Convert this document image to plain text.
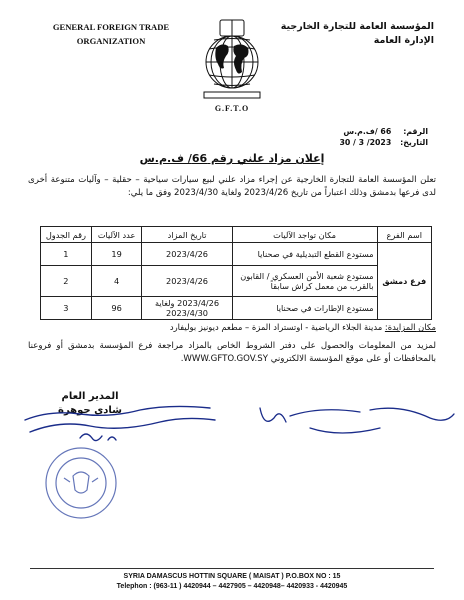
GENERAL FOREIGN TRADE
ORGANIZATION
المؤسسة العامة للتجارة الخارجية
الإدارة العامة
G.F.T.O
الرقم: 66 /ف.م.س
التاريخ: 2023/ 3 / 30
إعلان مزاد علني رقم 66/ ف.م.س
تعلن المؤسسة العامة للتجارة الخارجية عن إجراء مزاد علني لبيع سيارات سياحية – حقلية – وآليات متنوعة أخرى لدى فرعها بدمشق وذلك اعتباراً من تاريخ 2023/4/26 ولغاية 2023/4/30 وفق ما يلي:
اسم الفرع	مكان تواجد الآليات	تاريخ المزاد	عدد الآليات	رقم الجدول
فرع دمشق	مستودع القطع التبديلية في صحنايا	2023/4/26	19	1
	مستودع شعبة الأمن العسكري / القابون بالقرب من معمل كراش سابقاً	2023/4/26	4	2
	مستودع الإطارات في صحنايا	2023/4/26 ولغاية 2023/4/30	96	3
مكان المزايدة: مدينة الجلاء الرياضية - اوتستراد المزة – مطعم ديونيز بوليفارد
لمزيد من المعلومات والحصول على دفتر الشروط الخاص بالمزاد مراجعة فرع المؤسسة بدمشق أو فروعنا بالمحافظات أو على موقع المؤسسة الالكتروني WWW.GFTO.GOV.SY.
المدير العام
شادي جوهرة
SYRIA DAMASCUS HOTTIN SQUARE ( MAISAT ) P.O.BOX NO : 15
Telephon : (963-11 ) 4420944 – 4427905 – 4420948– 4420933 - 4420945
